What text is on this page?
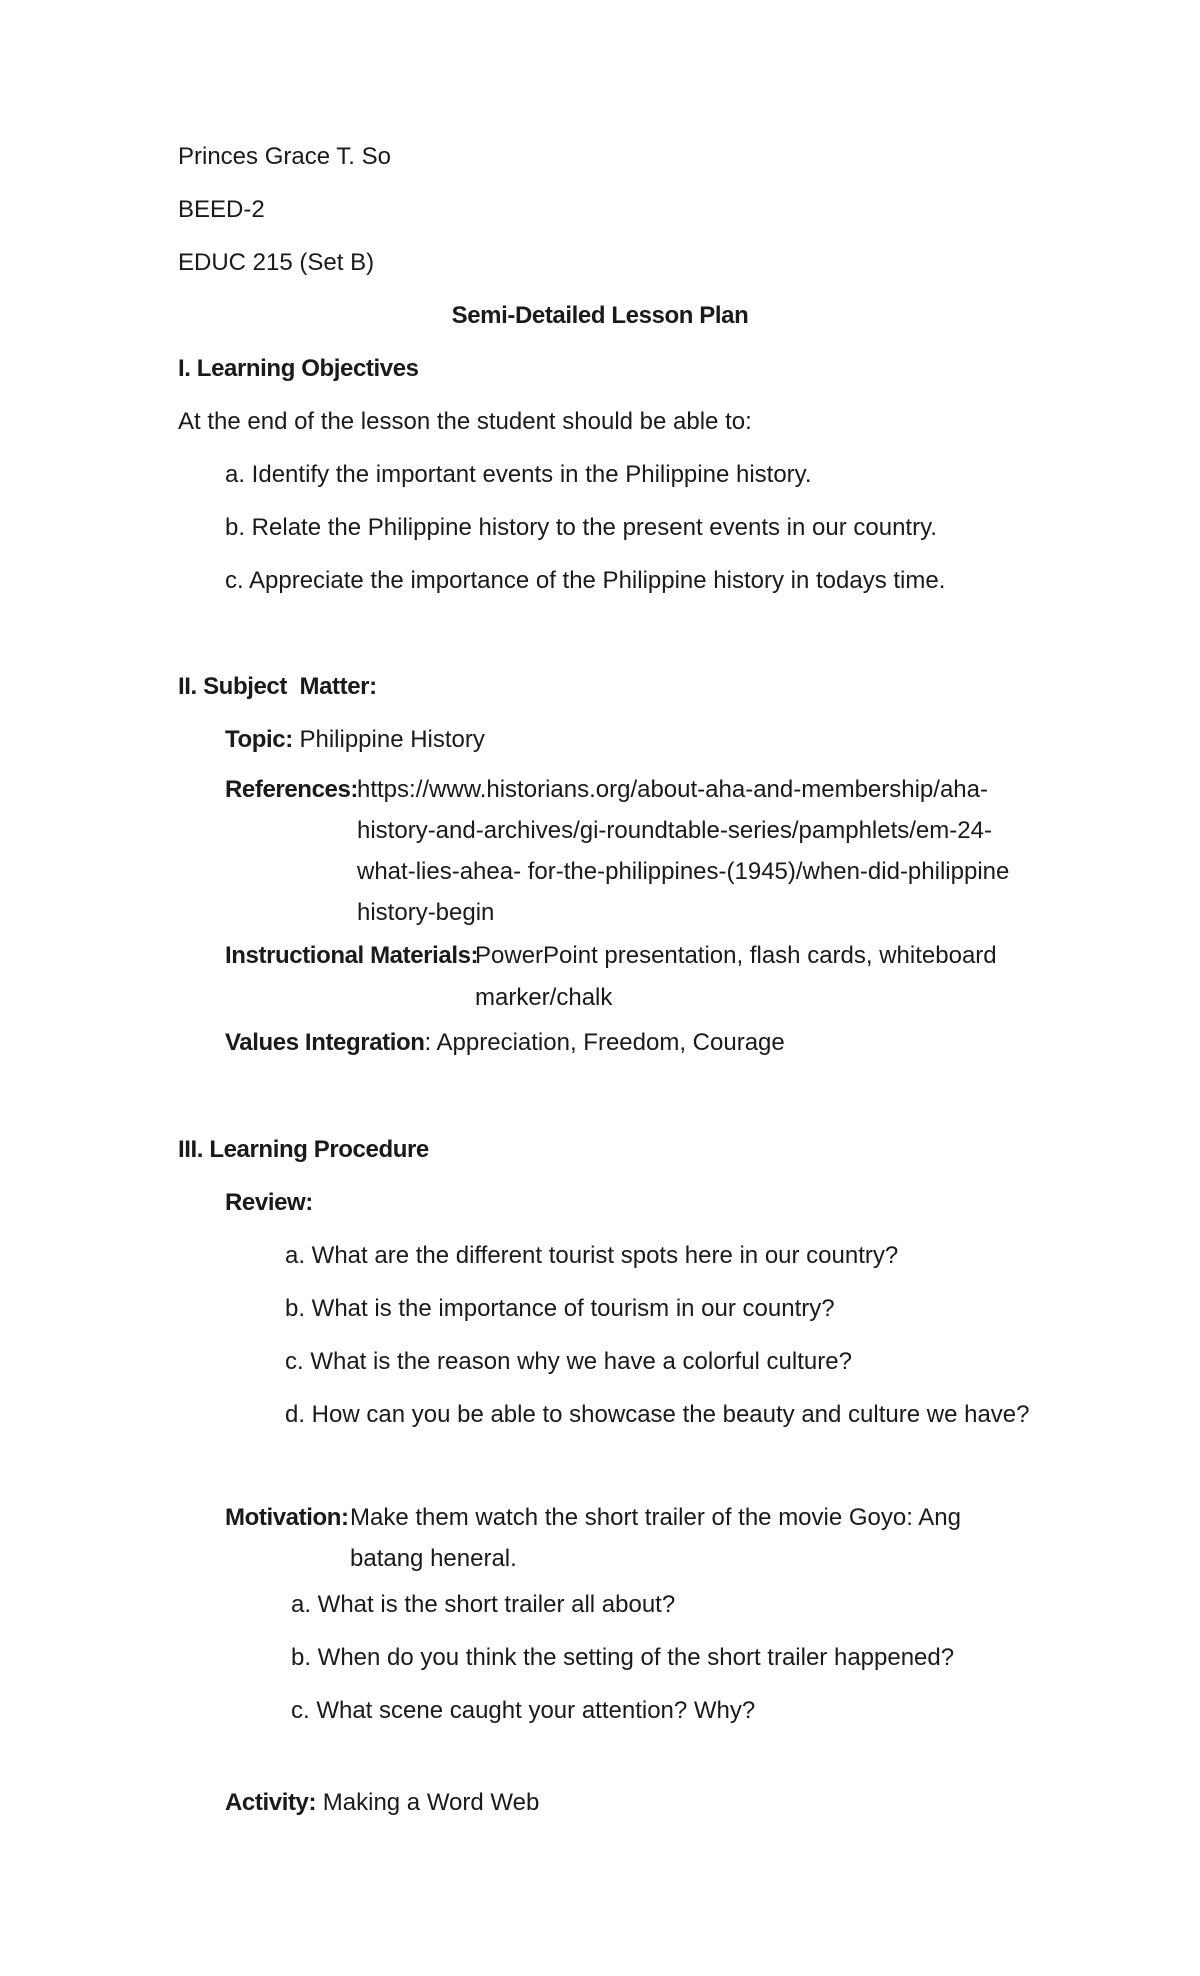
Princes Grace T. So
BEED-2
EDUC 215 (Set B)
Semi-Detailed Lesson Plan
I. Learning Objectives
At the end of the lesson the student should be able to:
a. Identify the important events in the Philippine history.
b. Relate the Philippine history to the present events in our country.
c. Appreciate the importance of the Philippine history in todays time.
II. Subject  Matter:
Topic: Philippine History
References:
https://www.historians.org/about-aha-and-membership/aha-
history-and-archives/gi-roundtable-series/pamphlets/em-24-
what-lies-ahea- for-the-philippines-(1945)/when-did-philippine
history-begin
Instructional Materials:
PowerPoint presentation, flash cards, whiteboard
marker/chalk
Values Integration: Appreciation, Freedom, Courage
III. Learning Procedure
Review:
a. What are the different tourist spots here in our country?
b. What is the importance of tourism in our country?
c. What is the reason why we have a colorful culture?
d. How can you be able to showcase the beauty and culture we have?
Motivation: Make them watch the short trailer of the movie Goyo: Ang
batang heneral.
a. What is the short trailer all about?
b. When do you think the setting of the short trailer happened?
c. What scene caught your attention? Why?
Activity: Making a Word Web
